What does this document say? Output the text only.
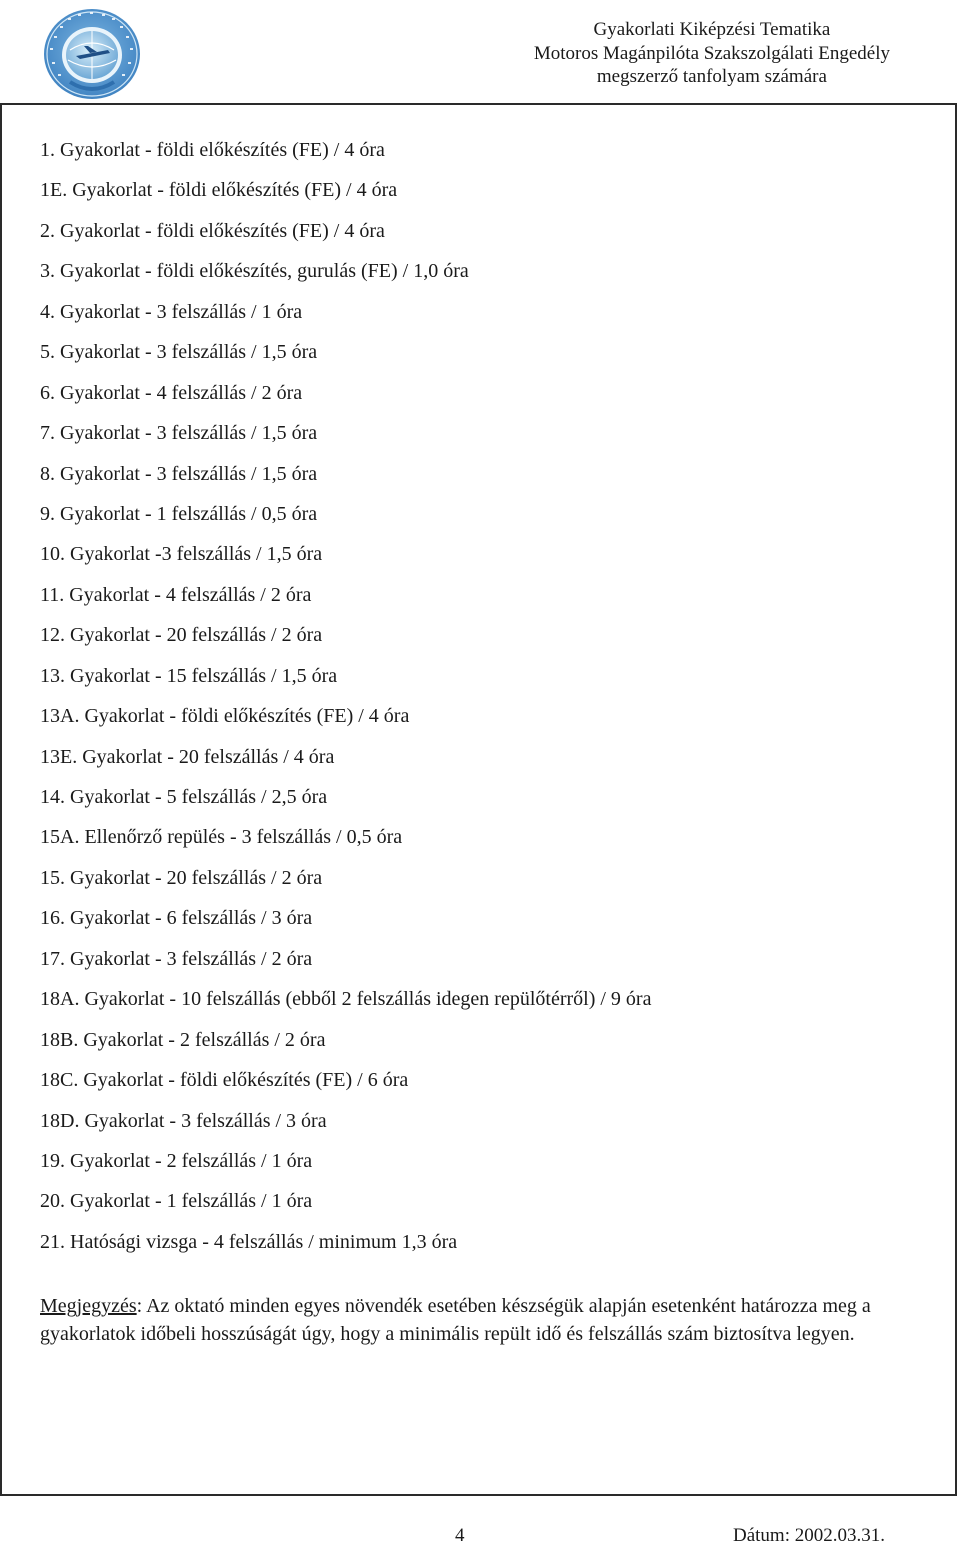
Gyakorlati Kiképzési Tematika
Motoros Magánpilóta Szakszolgálati Engedély
megszerző tanfolyam számára
1. Gyakorlat - földi előkészítés (FE) / 4 óra
1E. Gyakorlat - földi előkészítés (FE) / 4 óra
2. Gyakorlat - földi előkészítés (FE) / 4 óra
3. Gyakorlat - földi előkészítés, gurulás (FE) / 1,0 óra
4. Gyakorlat - 3 felszállás / 1 óra
5. Gyakorlat - 3 felszállás / 1,5 óra
6. Gyakorlat - 4 felszállás / 2 óra
7. Gyakorlat - 3 felszállás / 1,5 óra
8. Gyakorlat - 3 felszállás / 1,5 óra
9. Gyakorlat - 1 felszállás / 0,5 óra
10. Gyakorlat -3 felszállás / 1,5 óra
11. Gyakorlat - 4 felszállás / 2 óra
12. Gyakorlat - 20 felszállás / 2 óra
13. Gyakorlat - 15 felszállás / 1,5 óra
13A. Gyakorlat - földi előkészítés (FE) / 4 óra
13E. Gyakorlat - 20 felszállás / 4 óra
14. Gyakorlat - 5 felszállás / 2,5 óra
15A. Ellenőrző repülés - 3 felszállás / 0,5 óra
15. Gyakorlat - 20 felszállás / 2 óra
16. Gyakorlat - 6 felszállás / 3 óra
17. Gyakorlat - 3 felszállás / 2 óra
18A. Gyakorlat - 10 felszállás (ebből 2 felszállás idegen repülőtérről) / 9 óra
18B. Gyakorlat - 2 felszállás / 2 óra
18C. Gyakorlat - földi előkészítés (FE) / 6 óra
18D. Gyakorlat - 3 felszállás / 3 óra
19. Gyakorlat - 2 felszállás / 1 óra
20. Gyakorlat - 1 felszállás / 1 óra
21. Hatósági vizsga - 4 felszállás / minimum 1,3 óra
Megjegyzés: Az oktató minden egyes növendék esetében készségük alapján esetenként határozza meg a gyakorlatok időbeli hosszúságát úgy, hogy a minimális repült idő és felszállás szám biztosítva legyen.
4	Dátum: 2002.03.31.
